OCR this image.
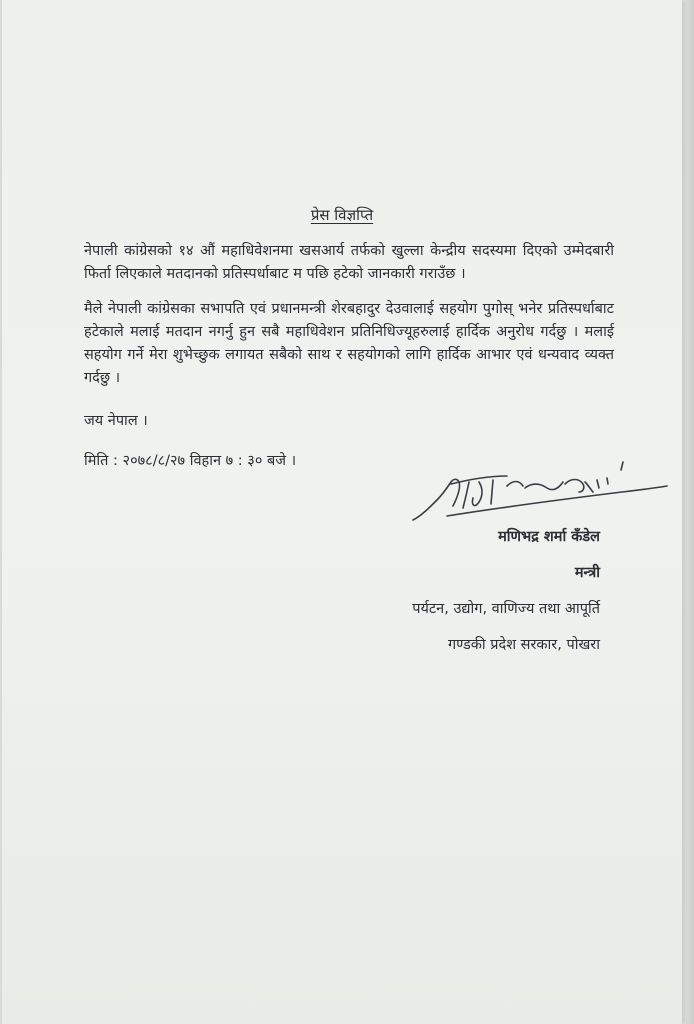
प्रेस विज्ञप्ति

नेपाली कांग्रेसको १४ औं महाधिवेशनमा खसआर्य तर्फको खुल्ला केन्द्रीय सदस्यमा दिएको उम्मेदबारी फिर्ता लिएकाले मतदानको प्रतिस्पर्धाबाट म पछि हटेको जानकारी गराउँछ ।

मैले नेपाली कांग्रेसका सभापति एवं प्रधानमन्त्री शेरबहादुर देउवालाई सहयोग पुगोस् भनेर प्रतिस्पर्धाबाट हटेकाले मलाई मतदान नगर्नु हुन सबै महाधिवेशन प्रतिनिधिज्यूहरुलाई हार्दिक अनुरोध गर्दछु । मलाई सहयोग गर्ने मेरा शुभेच्छुक लगायत सबैको साथ र सहयोगको लागि हार्दिक आभार एवं धन्यवाद व्यक्त गर्दछु ।

जय नेपाल ।
मिति : २०७८/८/२७ विहान ७ : ३० बजे ।
मणिभद्र शर्मा कँडेल
मन्त्री
पर्यटन, उद्योग, वाणिज्य तथा आपूर्ति
गण्डकी प्रदेश सरकार, पोखरा
